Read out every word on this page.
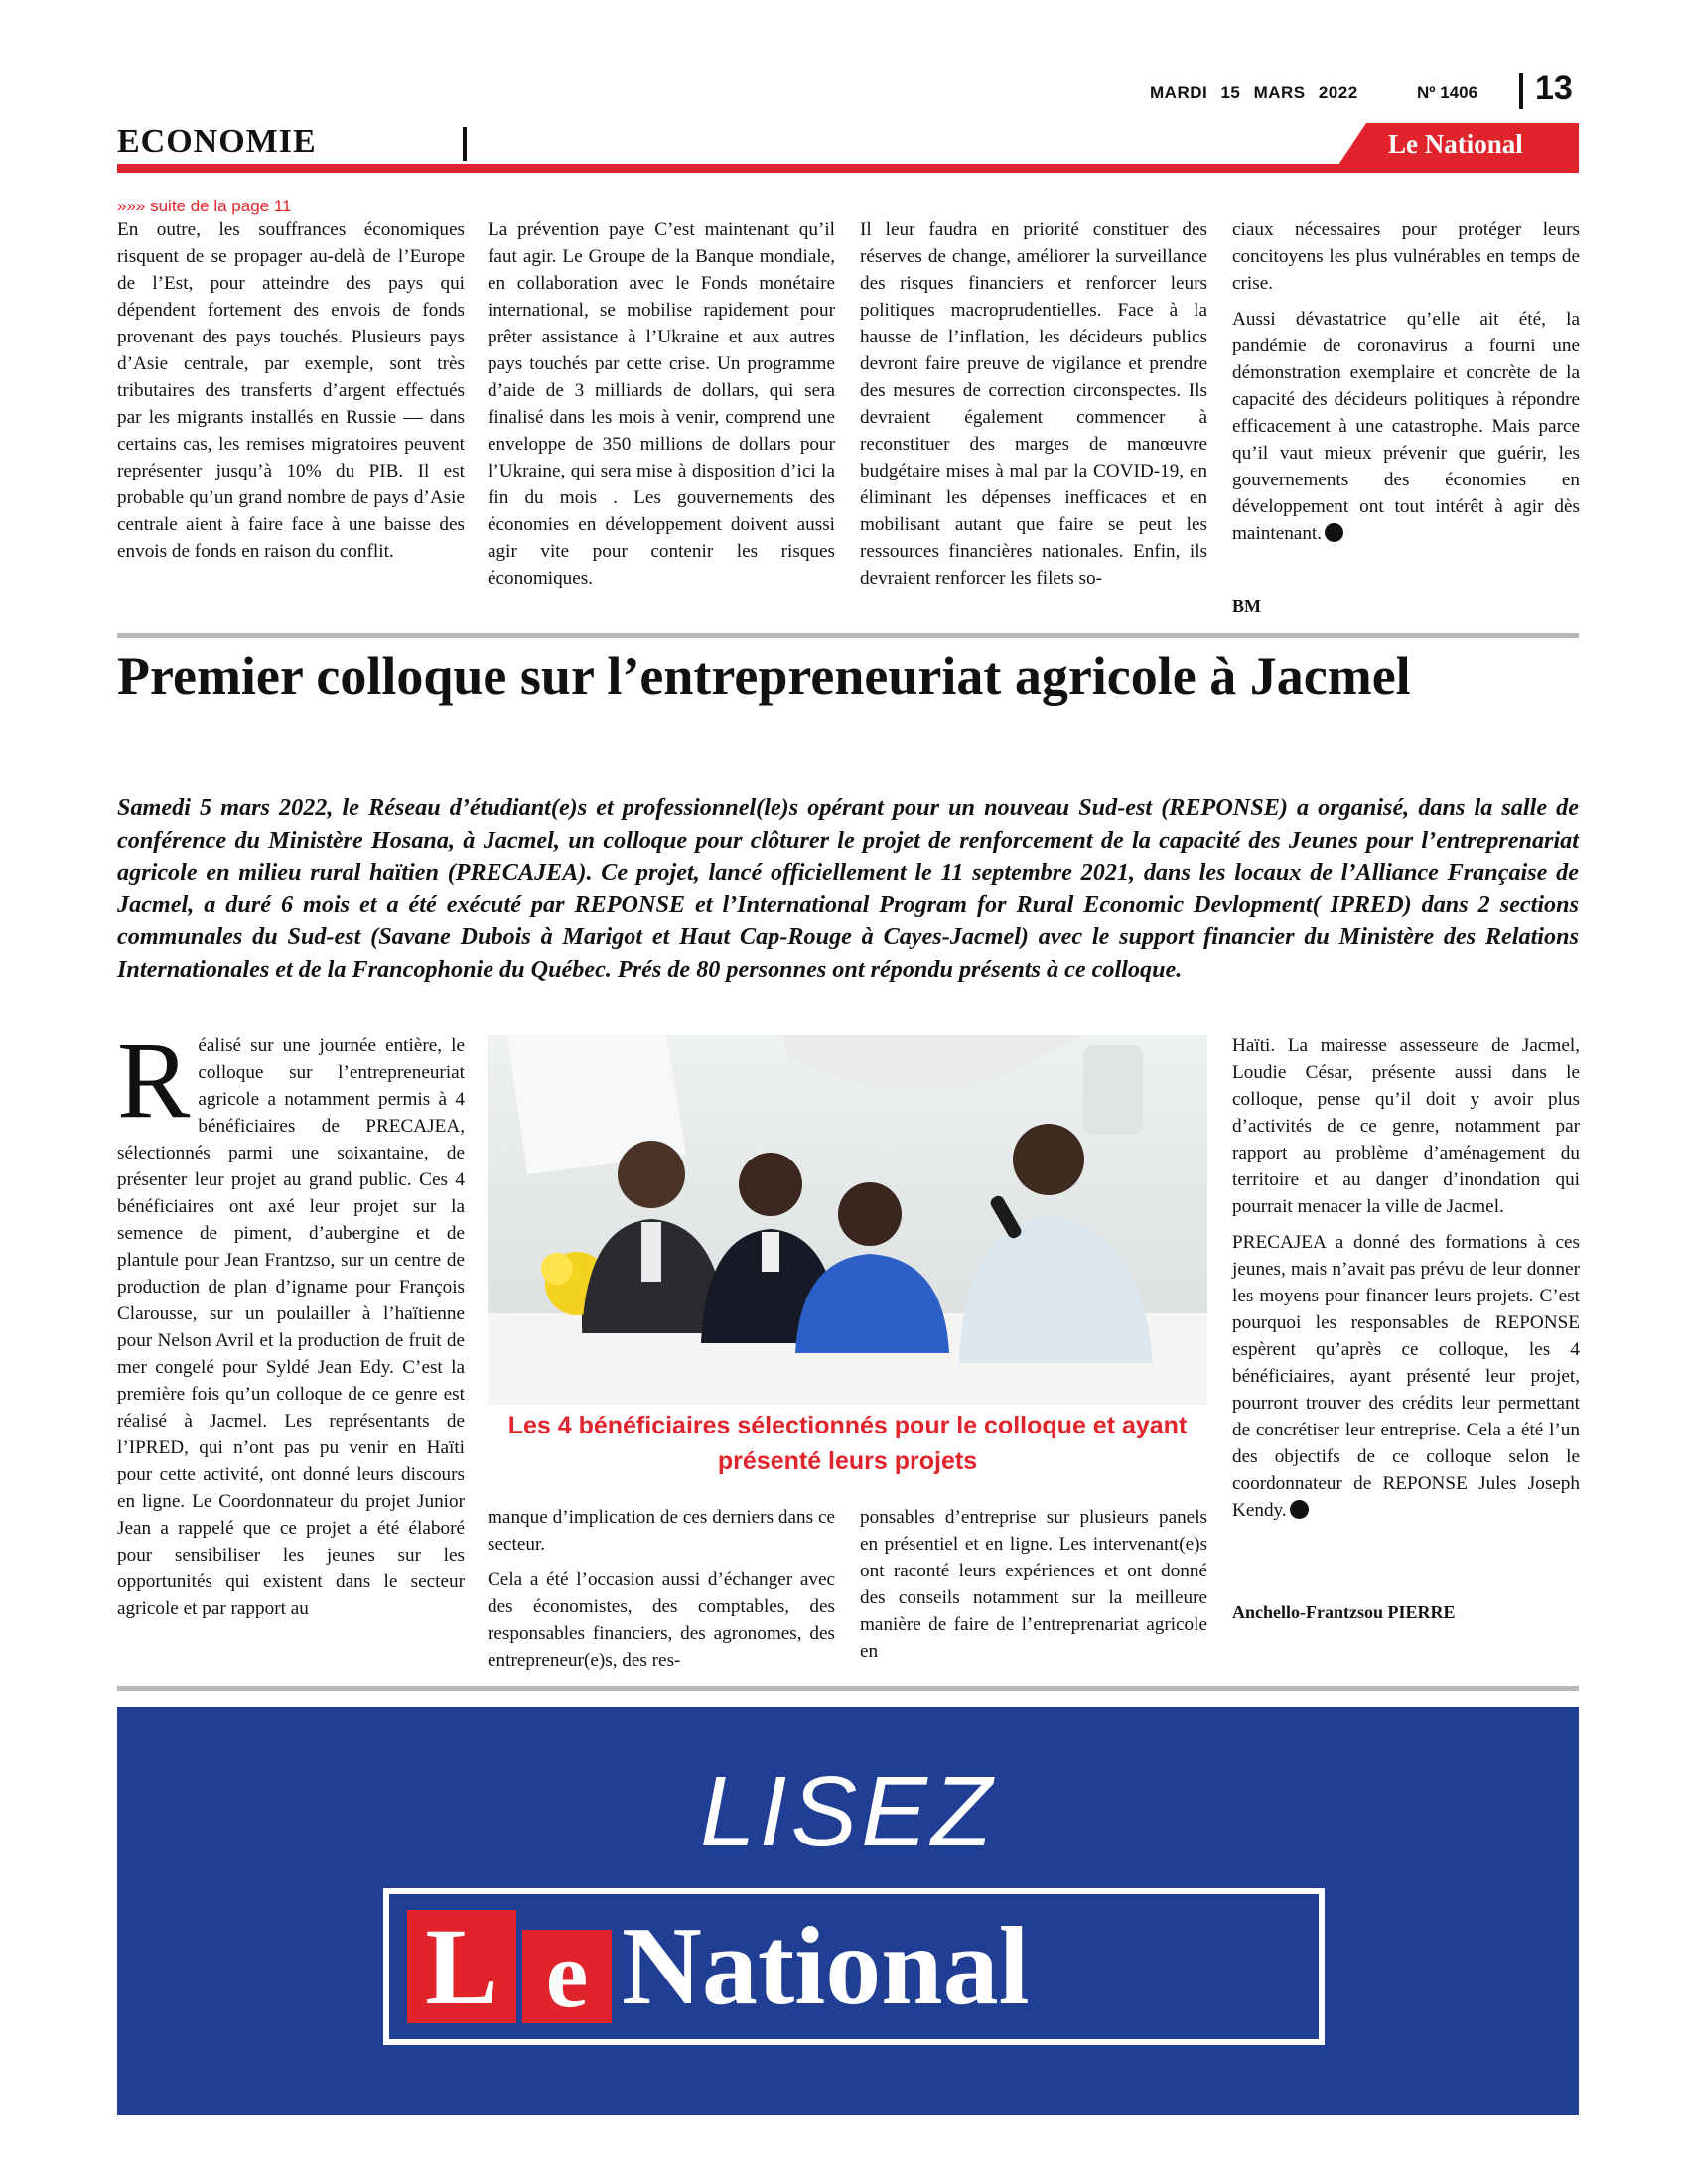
MARDI 15 MARS 2022	Nº 1406 13
ECONOMIE	Le National
»»» suite de la page 11

En outre, les souffrances économiques risquent de se propager au-delà de l’Europe de l’Est, pour atteindre des pays qui dépendent fortement des envois de fonds provenant des pays touchés. Plusieurs pays d’Asie centrale, par exemple, sont très tributaires des transferts d’argent effectués par les migrants installés en Russie — dans certains cas, les remises migratoires peuvent représenter jusqu’à 10% du PIB. Il est probable qu’un grand nombre de pays d’Asie centrale aient à faire face à une baisse des envois de fonds en raison du conflit.

La prévention paye C’est maintenant qu’il faut agir. Le Groupe de la Banque mondiale, en collaboration avec le Fonds monétaire international, se mobilise rapidement pour prêter assistance à l’Ukraine et aux autres pays touchés par cette crise. Un programme d’aide de 3 milliards de dollars, qui sera finalisé dans les mois à venir, comprend une enveloppe de 350 millions de dollars pour l’Ukraine, qui sera mise à disposition d’ici la fin du mois . Les gouvernements des économies en développement doivent aussi agir vite pour contenir les risques économiques.

Il leur faudra en priorité constituer des réserves de change, améliorer la surveillance des risques financiers et renforcer leurs politiques macroprudentielles. Face à la hausse de l’inflation, les décideurs publics devront faire preuve de vigilance et prendre des mesures de correction circonspectes. Ils devraient également commencer à reconstituer des marges de manœuvre budgétaire mises à mal par la COVID-19, en éliminant les dépenses inefficaces et en mobilisant autant que faire se peut les ressources financières nationales. Enfin, ils devraient renforcer les filets so-

ciaux nécessaires pour protéger leurs concitoyens les plus vulnérables en temps de crise.

Aussi dévastatrice qu’elle ait été, la pandémie de coronavirus a fourni une démonstration exemplaire et concrète de la capacité des décideurs politiques à répondre efficacement à une catastrophe. Mais parce qu’il vaut mieux prévenir que guérir, les gouvernements des économies en développement ont tout intérêt à agir dès maintenant.

BM
Premier colloque sur l’entrepreneuriat agricole à Jacmel
Samedi 5 mars 2022, le Réseau d’étudiant(e)s et professionnel(le)s opérant pour un nouveau Sud-est (REPONSE) a organisé, dans la salle de conférence du Ministère Hosana, à Jacmel, un colloque pour clôturer le projet de renforcement de la capacité des Jeunes pour l’entreprenariat agricole en milieu rural haïtien (PRECAJEA). Ce projet, lancé officiellement le 11 septembre 2021, dans les locaux de l’Alliance Française de Jacmel, a duré 6 mois et a été exécuté par REPONSE et l’International Program for Rural Economic Devlopment( IPRED) dans 2 sections communales du Sud-est (Savane Dubois à Marigot et Haut Cap-Rouge à Cayes-Jacmel) avec le support financier du Ministère des Relations Internationales et de la Francophonie du Québec. Prés de 80 personnes ont répondu présents à ce colloque.

Réalisé sur une journée entière, le colloque sur l’entrepreneuriat agricole a notamment permis à 4 bénéficiaires de PRECAJEA, sélectionnés parmi une soixantaine, de présenter leur projet au grand public. Ces 4 bénéficiaires ont axé leur projet sur la semence de piment, d’aubergine et de plantule pour Jean Frantzso, sur un centre de production de plan d’igname pour François Clarousse, sur un poulailler à l’haïtienne pour Nelson Avril et la production de fruit de mer congelé pour Syldé Jean Edy. C’est la première fois qu’un colloque de ce genre est réalisé à Jacmel. Les représentants de l’IPRED, qui n’ont pas pu venir en Haïti pour cette activité, ont donné leurs discours en ligne. Le Coordonnateur du projet Junior Jean a rappelé que ce projet a été élaboré pour sensibiliser les jeunes sur les opportunités qui existent dans le secteur agricole et par rapport au

Les 4 bénéficiaires sélectionnés pour le colloque et ayant présenté leurs projets

manque d’implication de ces derniers dans ce secteur.

Cela a été l’occasion aussi d’échanger avec des économistes, des comptables, des responsables financiers, des agronomes, des entrepreneur(e)s, des res-

ponsables d’entreprise sur plusieurs panels en présentiel et en ligne. Les intervenant(e)s ont raconté leurs expériences et ont donné des conseils notamment sur la meilleure manière de faire de l’entreprenariat agricole en

Haïti. La mairesse assesseure de Jacmel, Loudie César, présente aussi dans le colloque, pense qu’il doit y avoir plus d’activités de ce genre, notamment par rapport au problème d’aménagement du territoire et au danger d’inondation qui pourrait menacer la ville de Jacmel.

PRECAJEA a donné des formations à ces jeunes, mais n’avait pas prévu de leur donner les moyens pour financer leurs projets. C’est pourquoi les responsables de REPONSE espèrent qu’après ce colloque, les 4 bénéficiaires, ayant présenté leur projet, pourront trouver des crédits leur permettant de concrétiser leur entreprise. Cela a été l’un des objectifs de ce colloque selon le coordonnateur de REPONSE Jules Joseph Kendy.

Anchello-Frantzsou PIERRE
LISEZ
L e National
